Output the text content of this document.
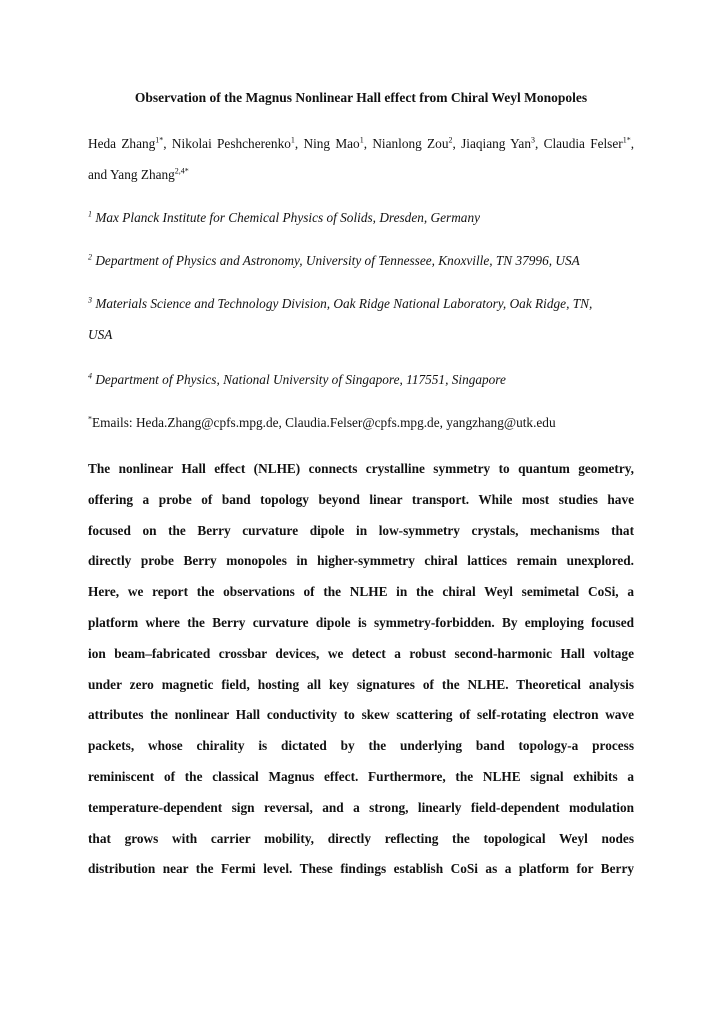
Observation of the Magnus Nonlinear Hall effect from Chiral Weyl Monopoles
Heda Zhang$^{1*}$, Nikolai Peshcherenko$^1$, Ning Mao$^1$, Nianlong Zou$^2$, Jiaqiang Yan$^3$, Claudia Felser$^{1*}$, and Yang Zhang$^{2,4*}$
$^1$ Max Planck Institute for Chemical Physics of Solids, Dresden, Germany
$^2$ Department of Physics and Astronomy, University of Tennessee, Knoxville, TN 37996, USA
$^3$ Materials Science and Technology Division, Oak Ridge National Laboratory, Oak Ridge, TN, USA
$^4$ Department of Physics, National University of Singapore, 117551, Singapore
*Emails: Heda.Zhang@cpfs.mpg.de, Claudia.Felser@cpfs.mpg.de, yangzhang@utk.edu
The nonlinear Hall effect (NLHE) connects crystalline symmetry to quantum geometry,
offering a probe of band topology beyond linear transport. While most studies have
focused on the Berry curvature dipole in low-symmetry crystals, mechanisms that
directly probe Berry monopoles in higher-symmetry chiral lattices remain unexplored.
Here, we report the observations of the NLHE in the chiral Weyl semimetal CoSi, a
platform where the Berry curvature dipole is symmetry-forbidden. By employing focused
ion beam–fabricated crossbar devices, we detect a robust second-harmonic Hall voltage
under zero magnetic field, hosting all key signatures of the NLHE. Theoretical analysis
attributes the nonlinear Hall conductivity to skew scattering of self-rotating electron wave
packets, whose chirality is dictated by the underlying band topology-a process
reminiscent of the classical Magnus effect. Furthermore, the NLHE signal exhibits a
temperature-dependent sign reversal, and a strong, linearly field-dependent modulation
that grows with carrier mobility, directly reflecting the topological Weyl nodes
distribution near the Fermi level. These findings establish CoSi as a platform for Berry
